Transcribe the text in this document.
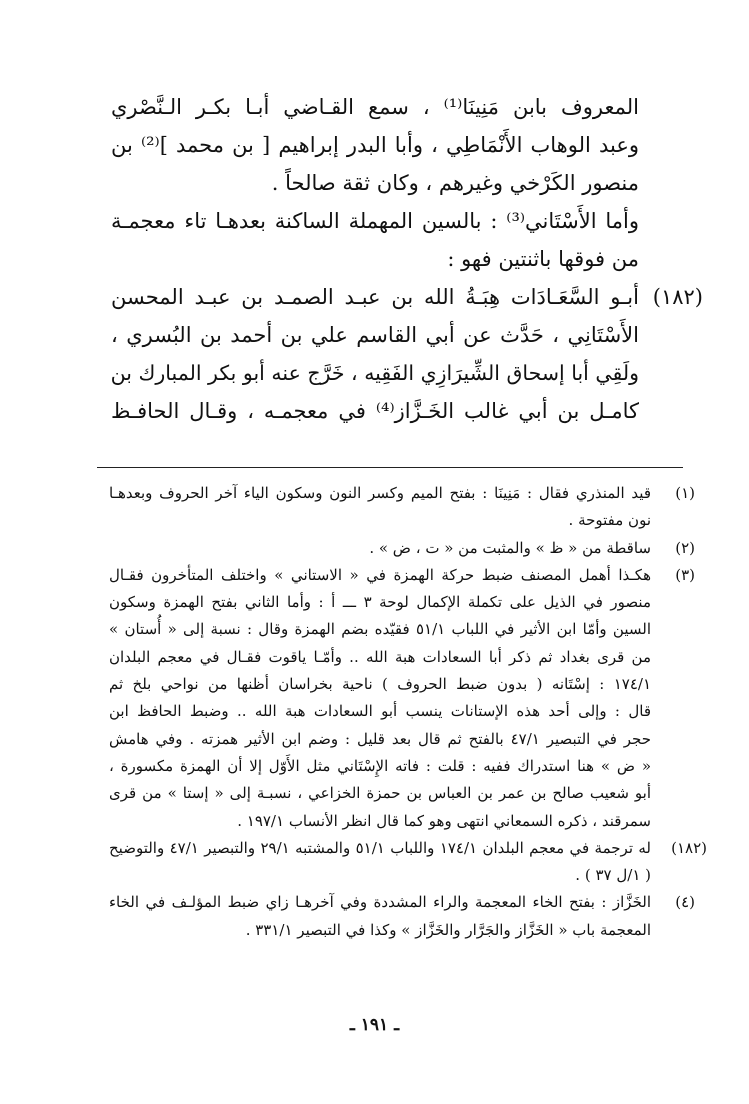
المعروف بابن مَنِينَا⁽¹⁾ ، سمع القـاضي أبـا بكـر الـنَّصْري
وعبد الوهاب الأَنْمَاطِي ، وأبا البدر إبراهيم [ بن محمد ]⁽²⁾ بن
منصور الكَرْخي وغيرهم ، وكان ثقة صالحاً .
وأما الأَسْتَاني⁽³⁾ : بالسين المهملة الساكنة بعدهـا تاء معجمـة
من فوقها باثنتين فهو :
(١٨٢)
أبـو السَّعَـادَات هِبَـةُ الله بن عبـد الصمـد بن عبـد المحسن
الأَسْتَانِي ، حَدَّث عن أبي القاسم علي بن أحمد بن البُسري ،
ولَقِي أبا إسحاق الشِّيرَازِي الفَقِيه ، خَرَّج عنه أبو بكر المبارك بن
كامـل بن أبي غالب الخَـزَّاز⁽⁴⁾ في معجمـه ، وقـال الحافـظ
(١)
قيد المنذري فقال : مَنِينَا : بفتح الميم وكسر النون وسكون الياء آخر الحروف وبعدهـا
نون مفتوحة .
(٢)
ساقطة من « ظ » والمثبت من « ت ، ض » .
(٣)
هكـذا أهمل المصنف ضبط حركة الهمزة في « الاستاني » واختلف المتأخرون فقـال
منصور في الذيل على تكملة الإكمال لوحة ٣ ـــ أ : وأما الثاني بفتح الهمزة وسكون
السين وأمّا ابن الأثير في اللباب ٥١/١ فقيّده بضم الهمزة وقال : نسبة إلى « أُستان »
من قرى بغداد ثم ذكر أبا السعادات هبة الله .. وأمّـا ياقوت فقـال في معجم البلدان
١٧٤/١ : إسْتَانه ( بدون ضبط الحروف ) ناحية بخراسان أظنها من نواحي بلخ ثم
قال : وإلى أحد هذه الإستانات ينسب أبو السعادات هبة الله .. وضبط الحافظ ابن
حجر في التبصير ٤٧/١ بالفتح ثم قال بعد قليل : وضم ابن الأثير همزته . وفي هامش
« ض » هنا استدراك ففيه : قلت : فاته الإِسْتَاني مثل الأَوّل إلا أن الهمزة مكسورة ،
أبو شعيب صالح بن عمر بن العباس بن حمزة الخزاعي ، نسبـة إلى « إستا » من قرى
سمرقند ، ذكره السمعاني انتهى وهو كما قال انظر الأنساب ١٩٧/١ .
(١٨٢)
له ترجمة في معجم البلدان ١٧٤/١ واللباب ٥١/١ والمشتبه ٢٩/١ والتبصير ٤٧/١ والتوضيح
( ١/ل ٣٧ ) .
(٤)
الخَزَّاز : بفتح الخاء المعجمة والراء المشددة وفي آخرهـا زاي ضبط المؤلـف في الخاء
المعجمة باب « الخَزَّاز والجَرَّار والخَزَّاز » وكذا في التبصير ٣٣١/١ .
ـ ١٩١ ـ
